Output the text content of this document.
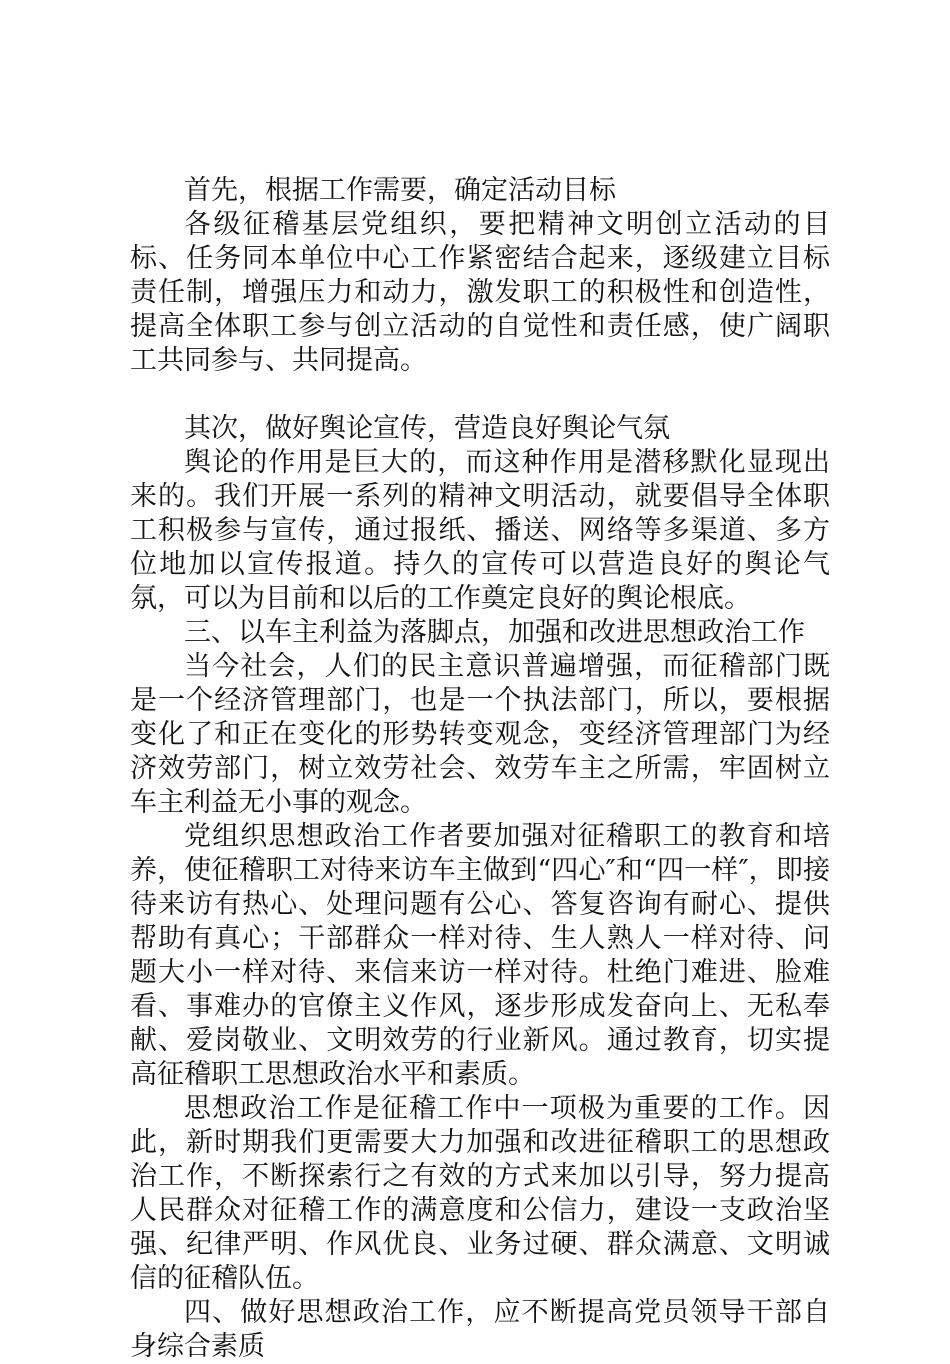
首先，根据工作需要，确定活动目标

各级征稽基层党组织，要把精神文明创立活动的目标、任务同本单位中心工作紧密结合起来，逐级建立目标责任制，增强压力和动力，激发职工的积极性和创造性，提高全体职工参与创立活动的自觉性和责任感，使广阔职工共同参与、共同提高。

其次，做好舆论宣传，营造良好舆论气氛

舆论的作用是巨大的，而这种作用是潜移默化显现出来的。我们开展一系列的精神文明活动，就要倡导全体职工积极参与宣传，通过报纸、播送、网络等多渠道、多方位地加以宣传报道。持久的宣传可以营造良好的舆论气氛，可以为目前和以后的工作奠定良好的舆论根底。

三、以车主利益为落脚点，加强和改进思想政治工作

当今社会，人们的民主意识普遍增强，而征稽部门既是一个经济管理部门，也是一个执法部门，所以，要根据变化了和正在变化的形势转变观念，变经济管理部门为经济效劳部门，树立效劳社会、效劳车主之所需，牢固树立车主利益无小事的观念。

党组织思想政治工作者要加强对征稽职工的教育和培养，使征稽职工对待来访车主做到“四心″和“四一样″，即接待来访有热心、处理问题有公心、答复咨询有耐心、提供帮助有真心；干部群众一样对待、生人熟人一样对待、问题大小一样对待、来信来访一样对待。杜绝门难进、脸难看、事难办的官僚主义作风，逐步形成发奋向上、无私奉献、爱岗敬业、文明效劳的行业新风。通过教育，切实提高征稽职工思想政治水平和素质。

思想政治工作是征稽工作中一项极为重要的工作。因此，新时期我们更需要大力加强和改进征稽职工的思想政治工作，不断探索行之有效的方式来加以引导，努力提高人民群众对征稽工作的满意度和公信力，建设一支政治坚强、纪律严明、作风优良、业务过硬、群众满意、文明诚信的征稽队伍。

四、做好思想政治工作，应不断提高党员领导干部自身综合素质
